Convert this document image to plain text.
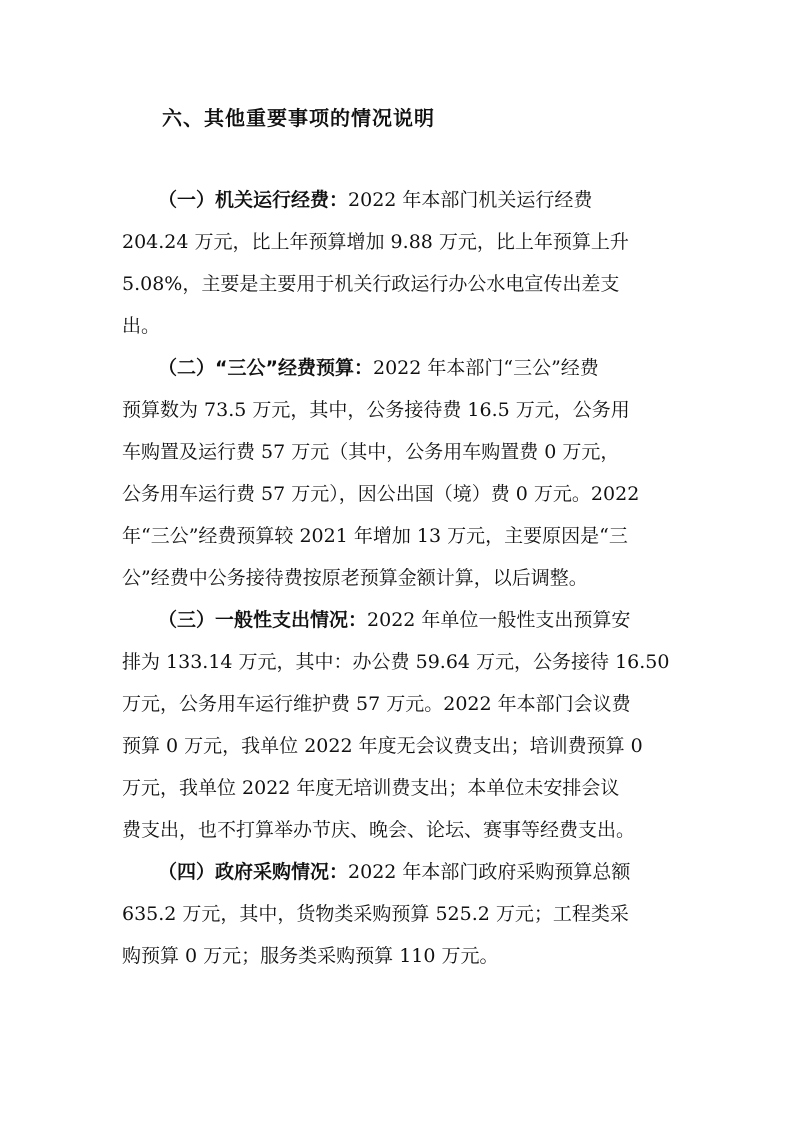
六、其他重要事项的情况说明
（一）机关运行经费：2022 年本部门机关运行经费
204.24 万元，比上年预算增加 9.88 万元，比上年预算上升
5.08%，主要是主要用于机关行政运行办公水电宣传出差支
出。
（二）“三公”经费预算：2022 年本部门“三公”经费
预算数为 73.5 万元，其中，公务接待费 16.5 万元，公务用
车购置及运行费 57 万元（其中，公务用车购置费 0 万元，
公务用车运行费 57 万元），因公出国（境）费 0 万元。2022
年“三公”经费预算较 2021 年增加 13 万元，主要原因是“三
公”经费中公务接待费按原老预算金额计算，以后调整。
（三）一般性支出情况：2022 年单位一般性支出预算安
排为 133.14 万元，其中：办公费 59.64 万元，公务接待 16.50
万元，公务用车运行维护费 57 万元。2022 年本部门会议费
预算 0 万元，我单位 2022 年度无会议费支出；培训费预算 0
万元，我单位 2022 年度无培训费支出；本单位未安排会议
费支出，也不打算举办节庆、晚会、论坛、赛事等经费支出。
（四）政府采购情况：2022 年本部门政府采购预算总额
635.2 万元，其中，货物类采购预算 525.2 万元；工程类采
购预算 0 万元；服务类采购预算 110 万元。
